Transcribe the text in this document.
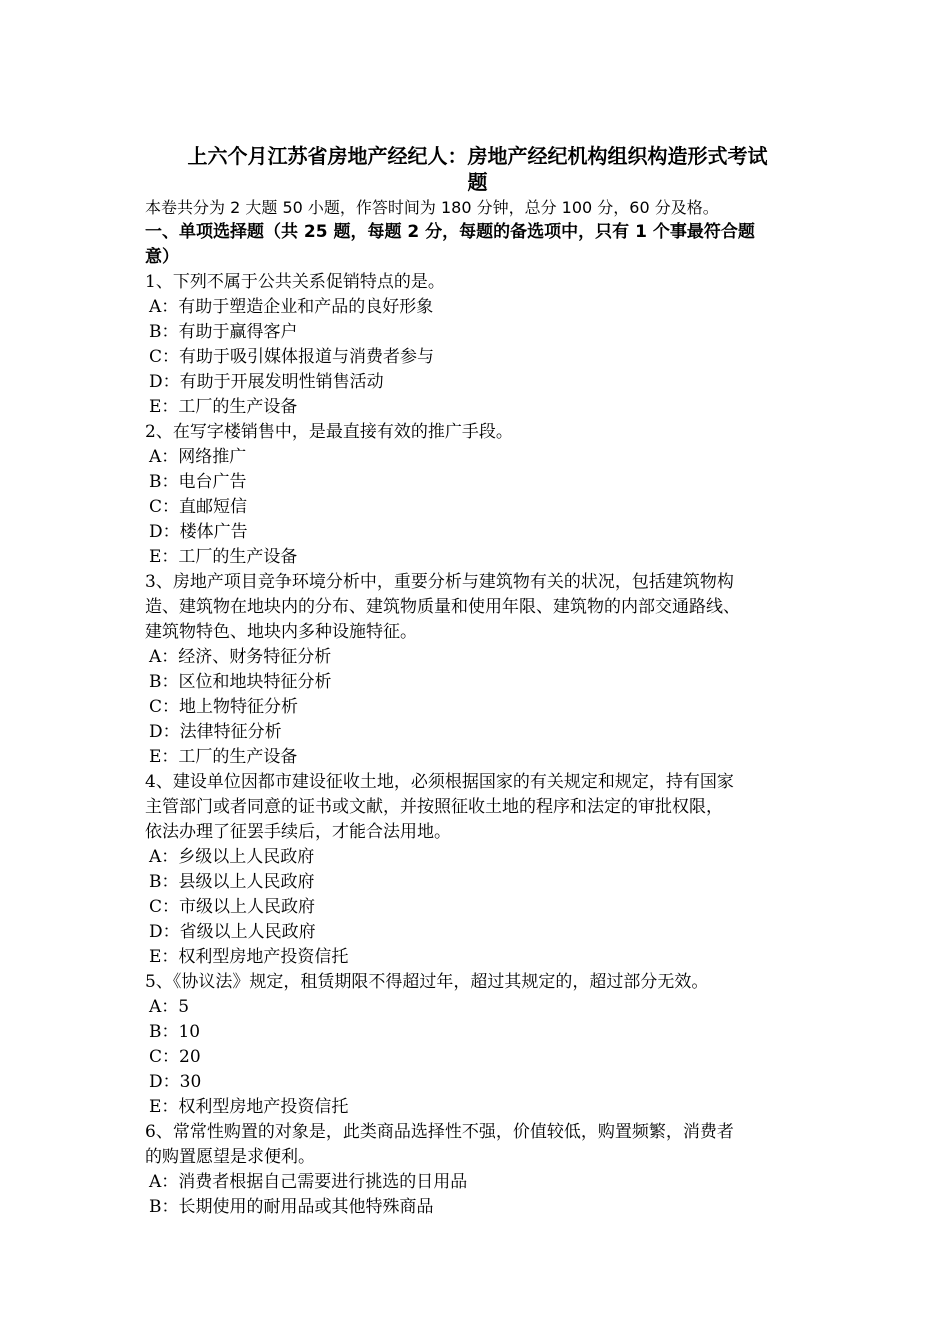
上六个月江苏省房地产经纪人：房地产经纪机构组织构造形式考试
题
本卷共分为 2 大题 50 小题，作答时间为 180 分钟，总分 100 分，60 分及格。
一、单项选择题（共 25 题，每题 2 分，每题的备选项中，只有 1 个事最符合题
意）
1、下列不属于公共关系促销特点的是。
A：有助于塑造企业和产品的良好形象
B：有助于赢得客户
C：有助于吸引媒体报道与消费者参与
D：有助于开展发明性销售活动
E：工厂的生产设备
2、在写字楼销售中，是最直接有效的推广手段。
A：网络推广
B：电台广告
C：直邮短信
D：楼体广告
E：工厂的生产设备
3、房地产项目竞争环境分析中，重要分析与建筑物有关的状况，包括建筑物构
造、建筑物在地块内的分布、建筑物质量和使用年限、建筑物的内部交通路线、
建筑物特色、地块内多种设施特征。
A：经济、财务特征分析
B：区位和地块特征分析
C：地上物特征分析
D：法律特征分析
E：工厂的生产设备
4、建设单位因都市建设征收土地，必须根据国家的有关规定和规定，持有国家
主管部门或者同意的证书或文献，并按照征收土地的程序和法定的审批权限，
依法办理了征罢手续后，才能合法用地。
A：乡级以上人民政府
B：县级以上人民政府
C：市级以上人民政府
D：省级以上人民政府
E：权利型房地产投资信托
5、《协议法》规定，租赁期限不得超过年，超过其规定的，超过部分无效。
A：5
B：10
C：20
D：30
E：权利型房地产投资信托
6、常常性购置的对象是，此类商品选择性不强，价值较低，购置频繁，消费者
的购置愿望是求便利。
A：消费者根据自己需要进行挑选的日用品
B：长期使用的耐用品或其他特殊商品
